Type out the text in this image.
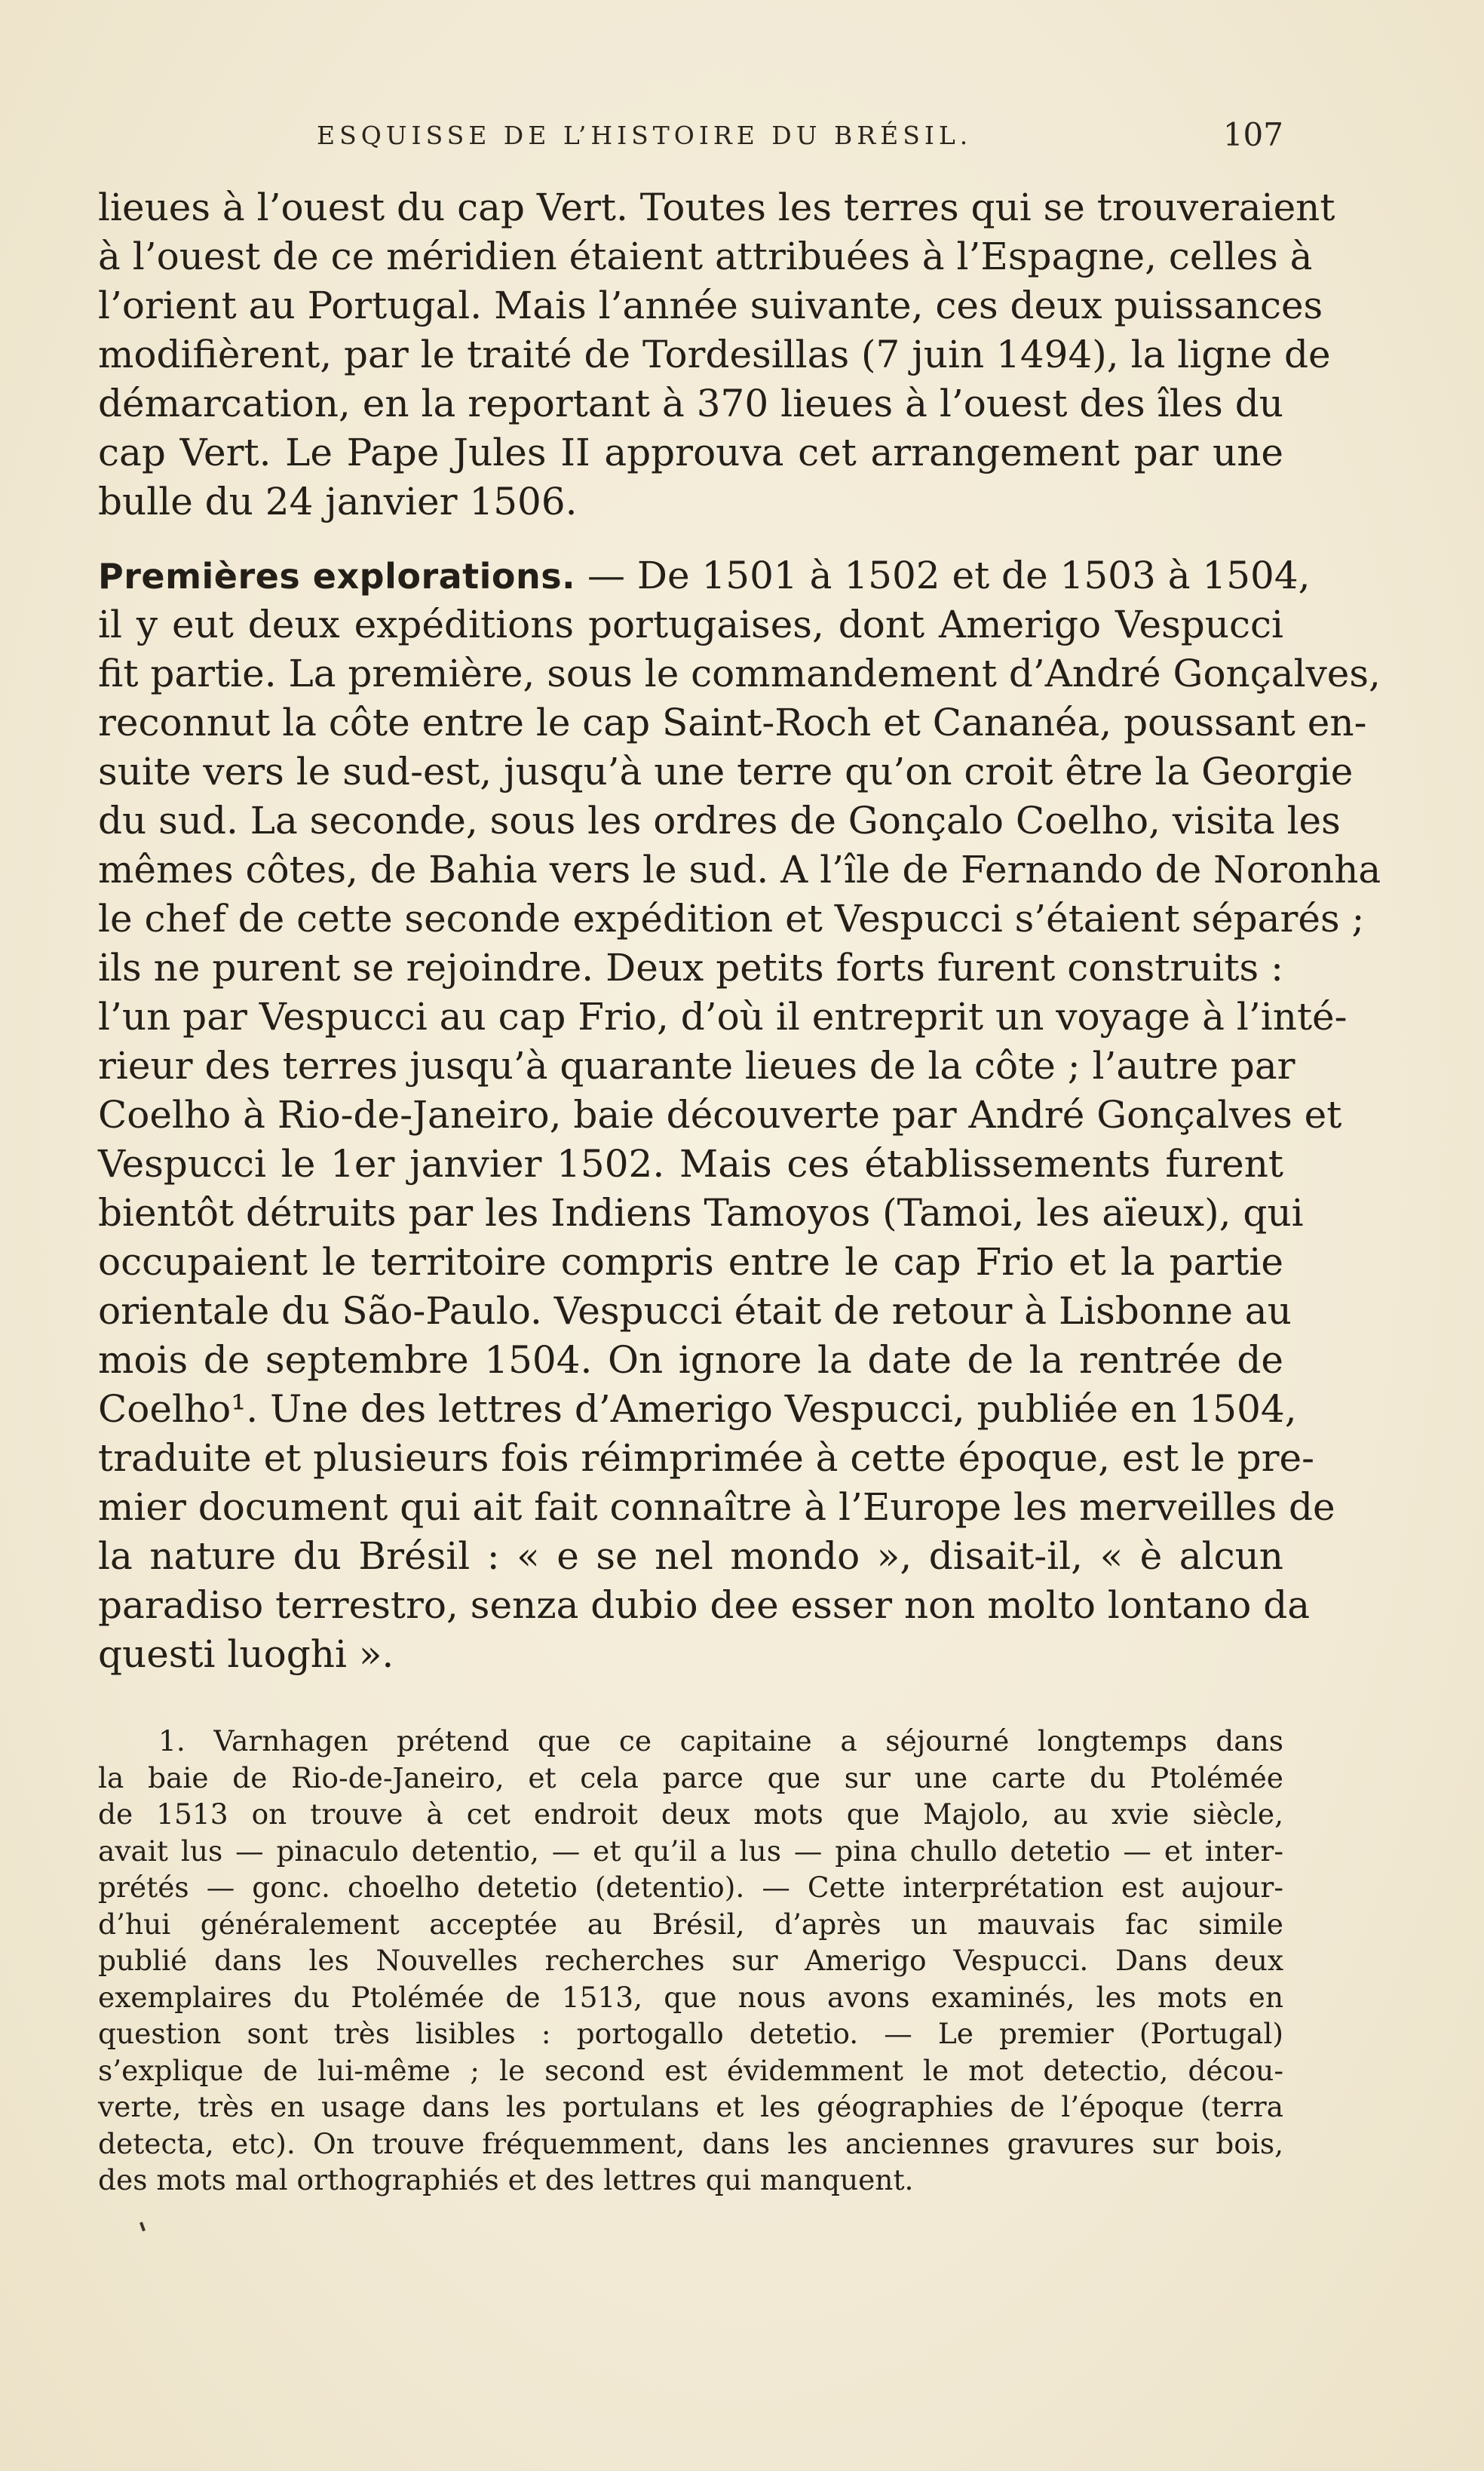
ESQUISSE DE L’HISTOIRE DU BRÉSIL.	107
lieues à l’ouest du cap Vert. Toutes les terres qui se trouveraient
à l’ouest de ce méridien étaient attribuées à l’Espagne, celles à
l’orient au Portugal. Mais l’année suivante, ces deux puissances
modifièrent, par le traité de Tordesillas (7 juin 1494), la ligne de
démarcation, en la reportant à 370 lieues à l’ouest des îles du
cap Vert. Le Pape Jules II approuva cet arrangement par une
bulle du 24 janvier 1506.
Premières explorations. — De 1501 à 1502 et de 1503 à 1504,
il y eut deux expéditions portugaises, dont Amerigo Vespucci
fit partie. La première, sous le commandement d’André Gonçalves,
reconnut la côte entre le cap Saint-Roch et Cananéa, poussant en-
suite vers le sud-est, jusqu’à une terre qu’on croit être la Georgie
du sud. La seconde, sous les ordres de Gonçalo Coelho, visita les
mêmes côtes, de Bahia vers le sud. A l’île de Fernando de Noronha
le chef de cette seconde expédition et Vespucci s’étaient séparés ;
ils ne purent se rejoindre. Deux petits forts furent construits :
l’un par Vespucci au cap Frio, d’où il entreprit un voyage à l’inté-
rieur des terres jusqu’à quarante lieues de la côte ; l’autre par
Coelho à Rio-de-Janeiro, baie découverte par André Gonçalves et
Vespucci le 1er janvier 1502. Mais ces établissements furent
bientôt détruits par les Indiens Tamoyos (Tamoi, les aïeux), qui
occupaient le territoire compris entre le cap Frio et la partie
orientale du São-Paulo. Vespucci était de retour à Lisbonne au
mois de septembre 1504. On ignore la date de la rentrée de
Coelho¹. Une des lettres d’Amerigo Vespucci, publiée en 1504,
traduite et plusieurs fois réimprimée à cette époque, est le pre-
mier document qui ait fait connaître à l’Europe les merveilles de
la nature du Brésil : « e se nel mondo », disait-il, « è alcun
paradiso terrestro, senza dubio dee esser non molto lontano da
questi luoghi ».
1. Varnhagen prétend que ce capitaine a séjourné longtemps dans
la baie de Rio-de-Janeiro, et cela parce que sur une carte du Ptolémée
de 1513 on trouve à cet endroit deux mots que Majolo, au xvie siècle,
avait lus — pinaculo detentio, — et qu’il a lus — pina chullo detetio — et inter-
prétés — gonc. choelho detetio (detentio). — Cette interprétation est aujour-
d’hui généralement acceptée au Brésil, d’après un mauvais fac simile
publié dans les Nouvelles recherches sur Amerigo Vespucci. Dans deux
exemplaires du Ptolémée de 1513, que nous avons examinés, les mots en
question sont très lisibles : portogallo detetio. — Le premier (Portugal)
s’explique de lui-même ; le second est évidemment le mot detectio, décou-
verte, très en usage dans les portulans et les géographies de l’époque (terra
detecta, etc). On trouve fréquemment, dans les anciennes gravures sur bois,
des mots mal orthographiés et des lettres qui manquent.
